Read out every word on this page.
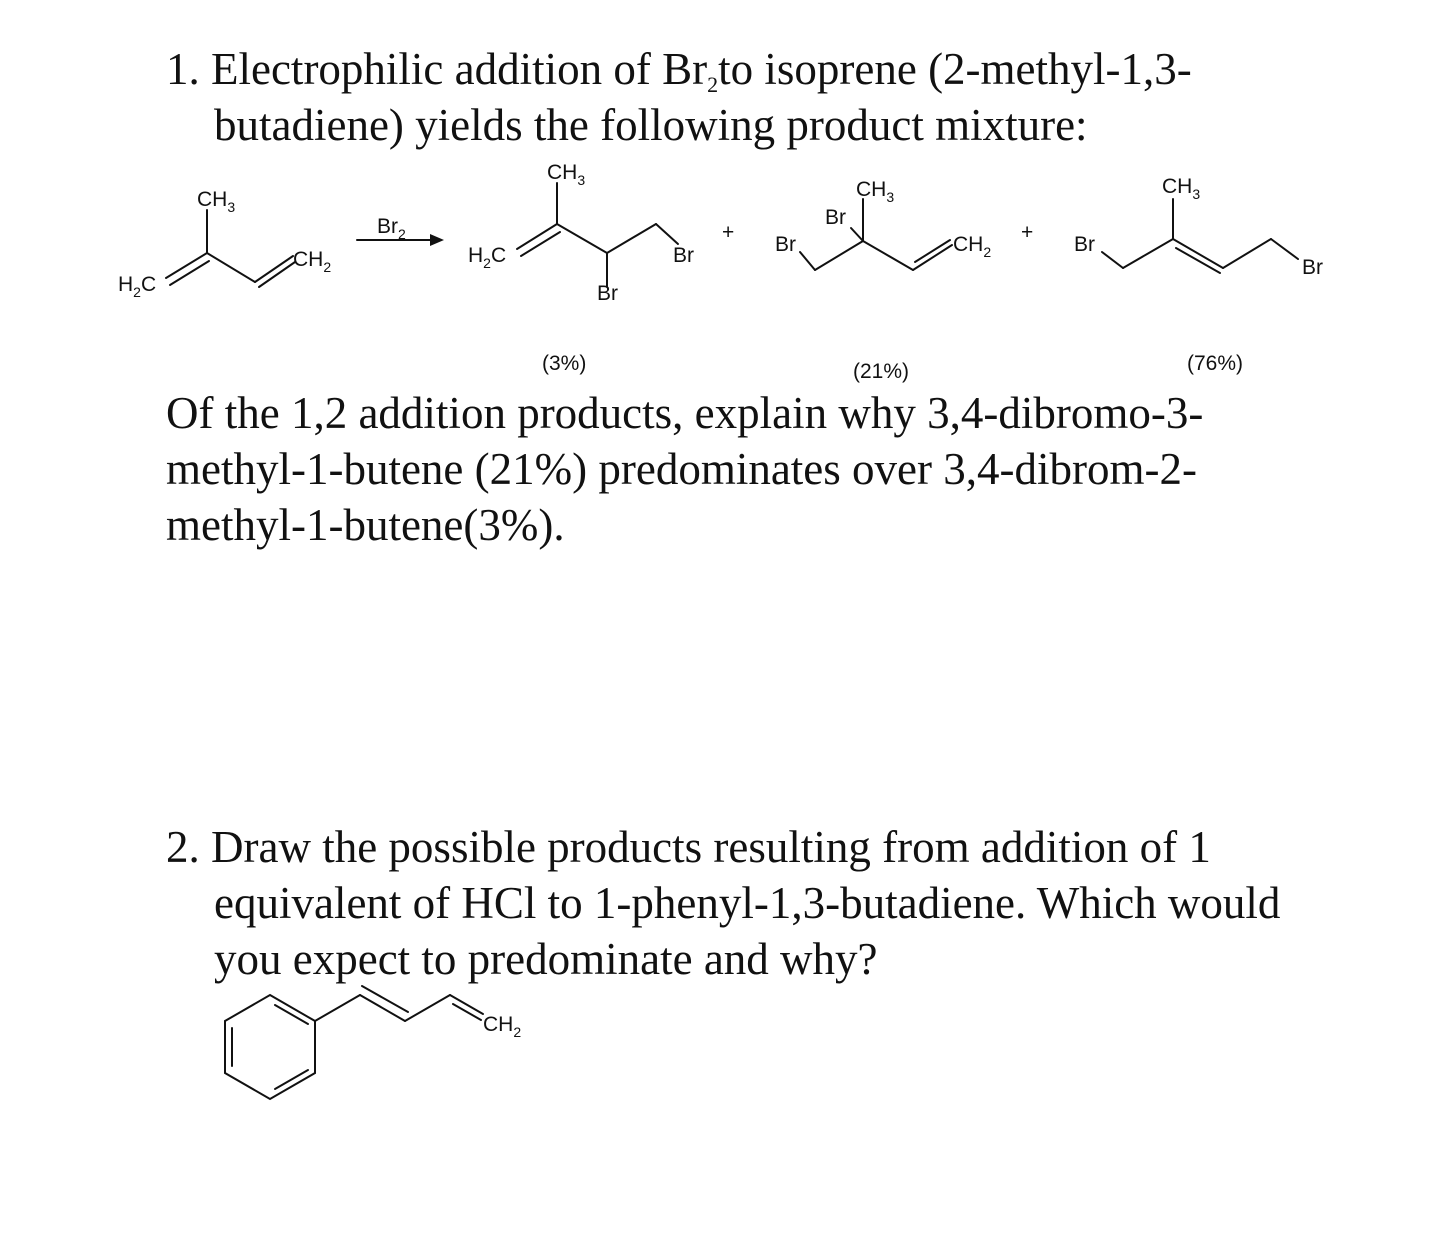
1. Electrophilic addition of $Br_2to$ isoprene (2-methyl-1,3-
butadiene) yields the following product mixture:
$CH_3$
$H_2C$
$CH_2$
$Br_2$
$H_2C$
$CH_3$
Br
Br
+
Br
Br
$CH_3$
$CH_2$
+
Br
$CH_3$
Br
(3%)	(21%)	(76%)
$CH_2$
Of the 1,2 addition products, explain why 3,4-dibromo-3-
methyl-1-butene (21%) predominates over 3,4-dibrom-2-
methyl-1-butene(3%).
2. Draw the possible products resulting from addition of 1
equivalent of HCl to 1-phenyl-1,3-butadiene. Which would
you expect to predominate and why?
